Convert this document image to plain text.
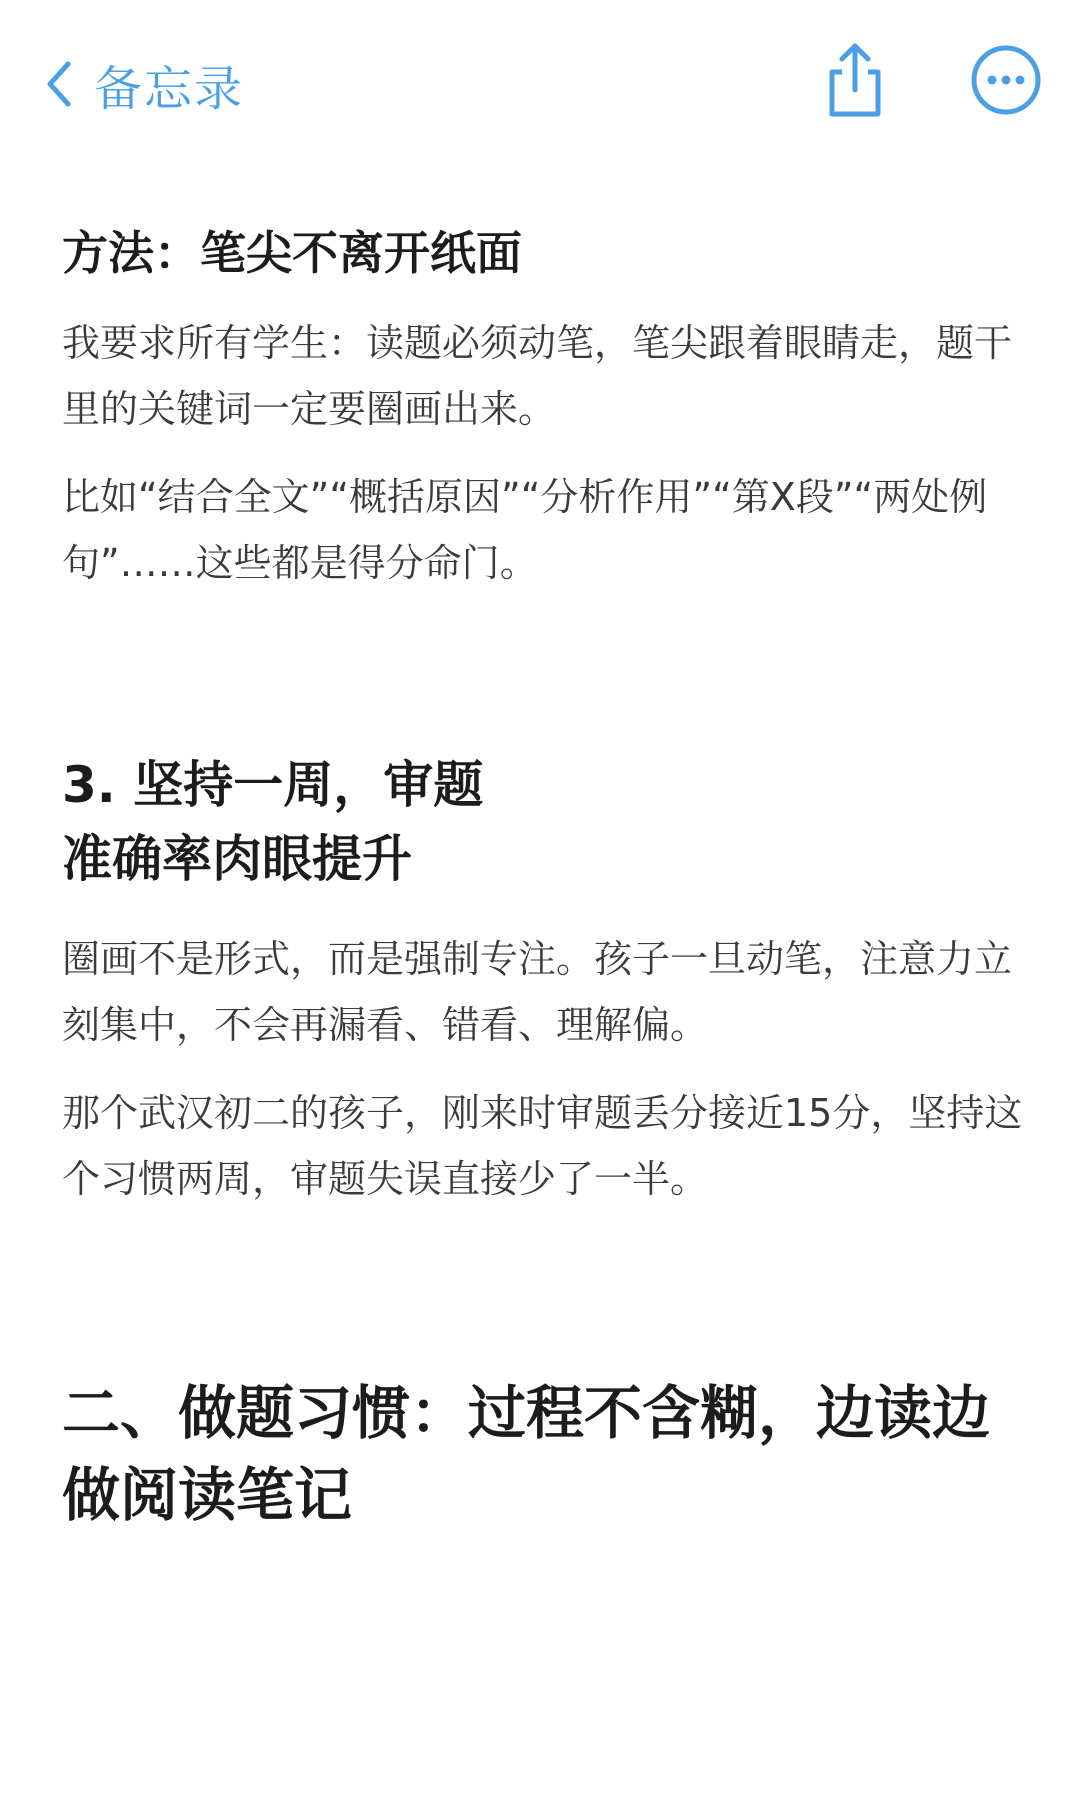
备忘录
方法：笔尖不离开纸面

我要求所有学生：读题必须动笔，笔尖跟着眼睛走，题干里的关键词一定要圈画出来。

比如“结合全文”“概括原因”“分析作用”“第X段”“两处例句”……这些都是得分命门。

3. 坚持一周，审题
准确率肉眼提升

圈画不是形式，而是强制专注。孩子一旦动笔，注意力立刻集中，不会再漏看、错看、理解偏。

那个武汉初二的孩子，刚来时审题丢分接近15分，坚持这个习惯两周，审题失误直接少了一半。

二、做题习惯：过程不含糊，边读边做阅读笔记
